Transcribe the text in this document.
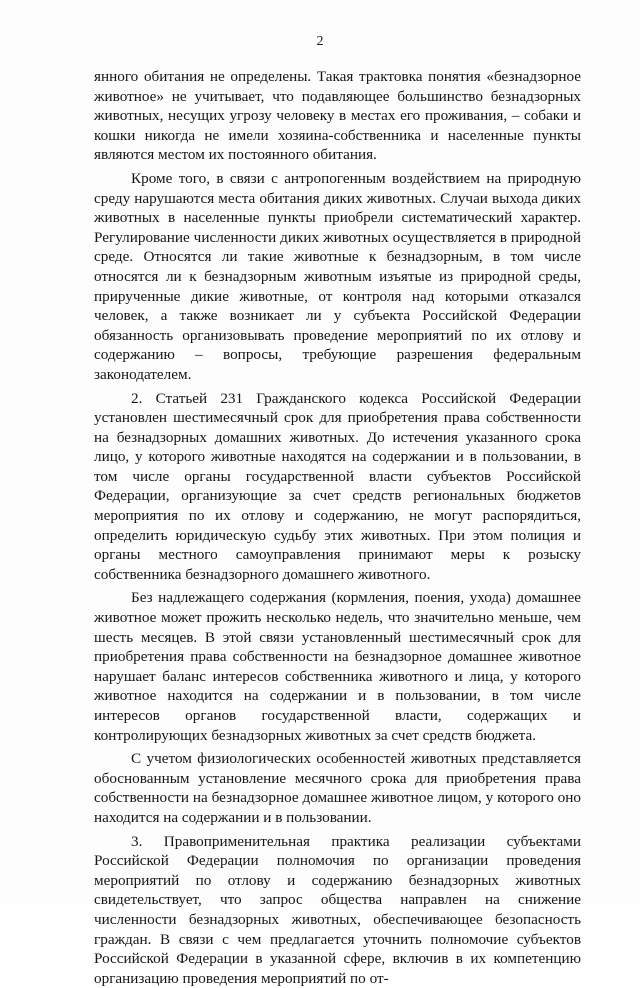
2

янного обитания не определены. Такая трактовка понятия «безнадзорное животное» не учитывает, что подавляющее большинство безнадзорных животных, несущих угрозу человеку в местах его проживания, – собаки и кошки никогда не имели хозяина-собственника и населенные пункты являются местом их постоянного обитания.

Кроме того, в связи с антропогенным воздействием на природную среду нарушаются места обитания диких животных. Случаи выхода диких животных в населенные пункты приобрели систематический характер. Регулирование численности диких животных осуществляется в природной среде. Относятся ли такие животные к безнадзорным, в том числе относятся ли к безнадзорным животным изъятые из природной среды, прирученные дикие животные, от контроля над которыми отказался человек, а также возникает ли у субъекта Российской Федерации обязанность организовывать проведение мероприятий по их отлову и содержанию – вопросы, требующие разрешения федеральным законодателем.

2. Статьей 231 Гражданского кодекса Российской Федерации установлен шестимесячный срок для приобретения права собственности на безнадзорных домашних животных. До истечения указанного срока лицо, у которого животные находятся на содержании и в пользовании, в том числе органы государственной власти субъектов Российской Федерации, организующие за счет средств региональных бюджетов мероприятия по их отлову и содержанию, не могут распорядиться, определить юридическую судьбу этих животных. При этом полиция и органы местного самоуправления принимают меры к розыску собственника безнадзорного домашнего животного.

Без надлежащего содержания (кормления, поения, ухода) домашнее животное может прожить несколько недель, что значительно меньше, чем шесть месяцев. В этой связи установленный шестимесячный срок для приобретения права собственности на безнадзорное домашнее животное нарушает баланс интересов собственника животного и лица, у которого животное находится на содержании и в пользовании, в том числе интересов органов государственной власти, содержащих и контролирующих безнадзорных животных за счет средств бюджета.

С учетом физиологических особенностей животных представляется обоснованным установление месячного срока для приобретения права собственности на безнадзорное домашнее животное лицом, у которого оно находится на содержании и в пользовании.

3. Правоприменительная практика реализации субъектами Российской Федерации полномочия по организации проведения мероприятий по отлову и содержанию безнадзорных животных свидетельствует, что запрос общества направлен на снижение численности безнадзорных животных, обеспечивающее безопасность граждан. В связи с чем предлагается уточнить полномочие субъектов Российской Федерации в указанной сфере, включив в их компетенцию организацию проведения мероприятий по от-
